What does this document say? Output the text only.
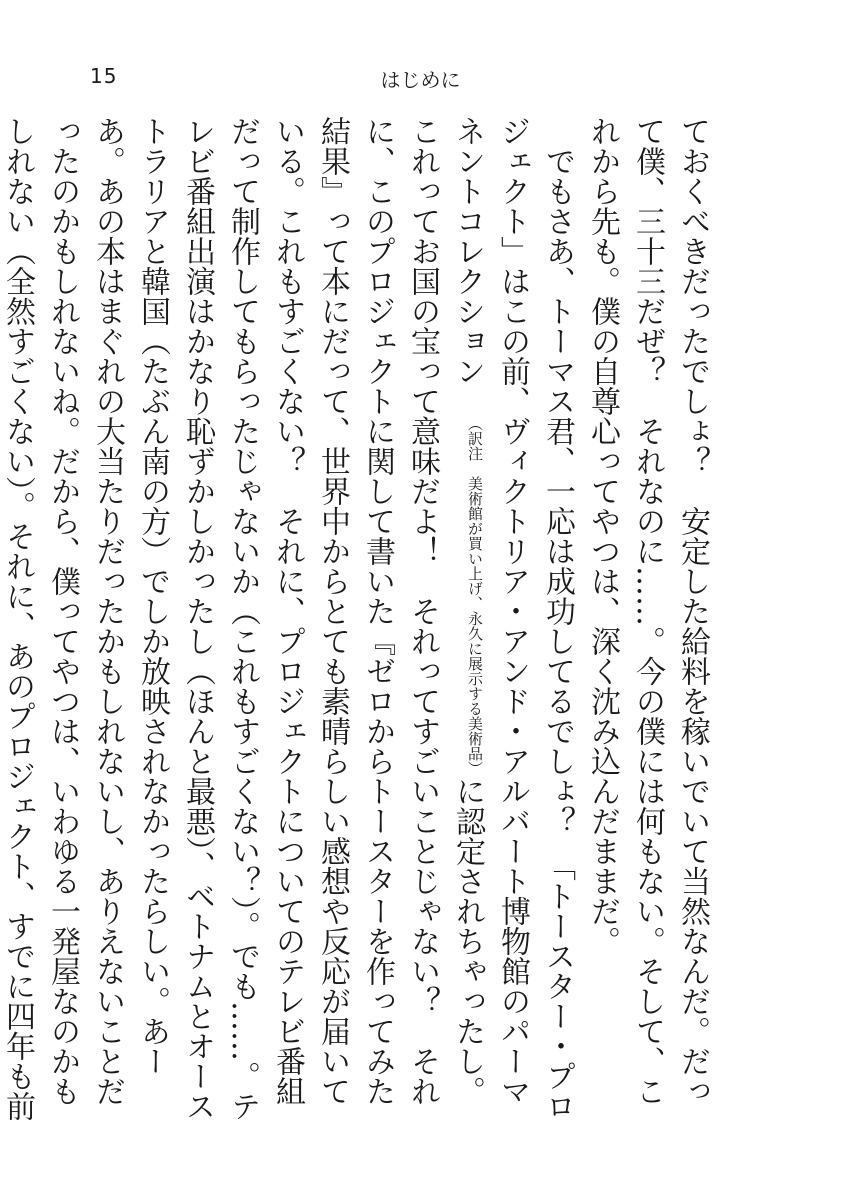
15	はじめに
ておくべきだったでしょ？　安定した給料を稼いでいて当然なんだ。だって僕、三十三だぜ？　それなのに……。今の僕には何もない。そして、これから先も。僕の自尊心ってやつは、深く沈み込んだままだ。
でもさあ、トーマス君、一応は成功してるでしょ？　「トースター・プロジェクト」はこの前、ヴィクトリア・アンド・アルバート博物館のパーマネントコレクション（訳注　美術館が買い上げ、永久に展示する美術品）に認定されちゃったし。これってお国の宝って意味だよ！　それってすごいことじゃない？　それに、このプロジェクトに関して書いた『ゼロからトースターを作ってみた結果』って本にだって、世界中からとても素晴らしい感想や反応が届いている。これもすごくない？　それに、プロジェクトについてのテレビ番組だって制作してもらったじゃないか（これもすごくない？）。でも……。テレビ番組出演はかなり恥ずかしかったし（ほんと最悪）、ベトナムとオーストラリアと韓国（たぶん南の方）でしか放映されなかったらしい。あーあ。あの本はまぐれの大当たりだったかもしれないし、ありえないことだったのかもしれないね。だから、僕ってやつは、いわゆる一発屋なのかもしれない（全然すごくない）。それに、あのプロジェクト、すでに四年も前　　
